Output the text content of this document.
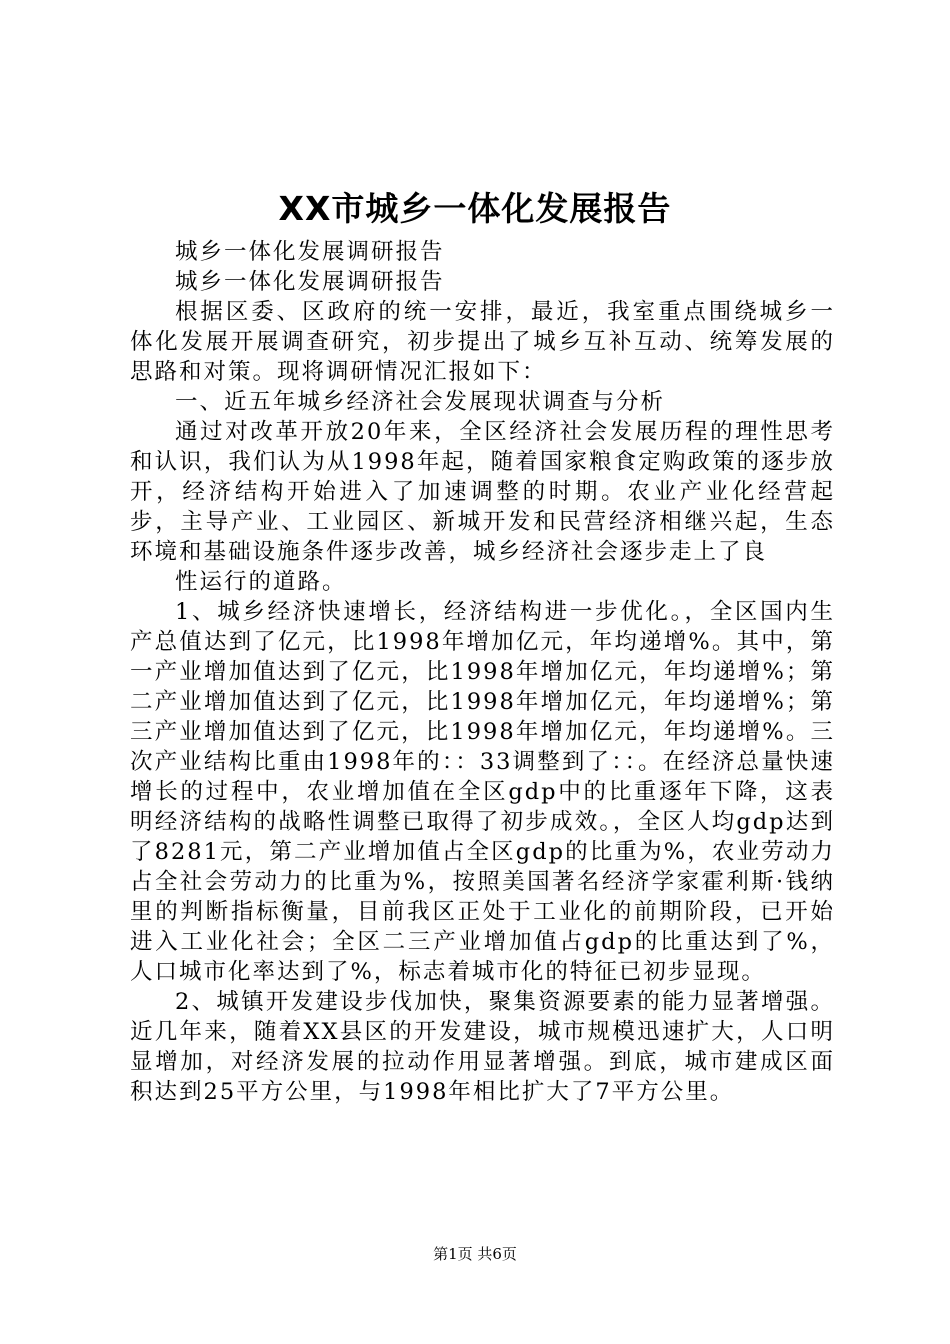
XX市城乡一体化发展报告

城乡一体化发展调研报告

城乡一体化发展调研报告

根据区委、区政府的统一安排，最近，我室重点围绕城乡一体化发展开展调查研究，初步提出了城乡互补互动、统筹发展的思路和对策。现将调研情况汇报如下：

一、近五年城乡经济社会发展现状调查与分析

通过对改革开放20年来，全区经济社会发展历程的理性思考和认识，我们认为从1998年起，随着国家粮食定购政策的逐步放开，经济结构开始进入了加速调整的时期。农业产业化经营起步，主导产业、工业园区、新城开发和民营经济相继兴起，生态环境和基础设施条件逐步改善，城乡经济社会逐步走上了良

性运行的道路。

1、城乡经济快速增长，经济结构进一步优化。，全区国内生产总值达到了亿元，比1998年增加亿元，年均递增%。其中，第一产业增加值达到了亿元，比1998年增加亿元，年均递增%；第二产业增加值达到了亿元，比1998年增加亿元，年均递增%；第三产业增加值达到了亿元，比1998年增加亿元，年均递增%。三次产业结构比重由1998年的：：33调整到了：：。在经济总量快速增长的过程中，农业增加值在全区gdp中的比重逐年下降，这表明经济结构的战略性调整已取得了初步成效。，全区人均gdp达到了8281元，第二产业增加值占全区gdp的比重为%，农业劳动力占全社会劳动力的比重为%，按照美国著名经济学家霍利斯·钱纳里的判断指标衡量，目前我区正处于工业化的前期阶段，已开始进入工业化社会；全区二三产业增加值占gdp的比重达到了%，人口城市化率达到了%，标志着城市化的特征已初步显现。

2、城镇开发建设步伐加快，聚集资源要素的能力显著增强。近几年来，随着XX县区的开发建设，城市规模迅速扩大，人口明显增加，对经济发展的拉动作用显著增强。到底，城市建成区面积达到25平方公里，与1998年相比扩大了7平方公里。

第1页 共6页
